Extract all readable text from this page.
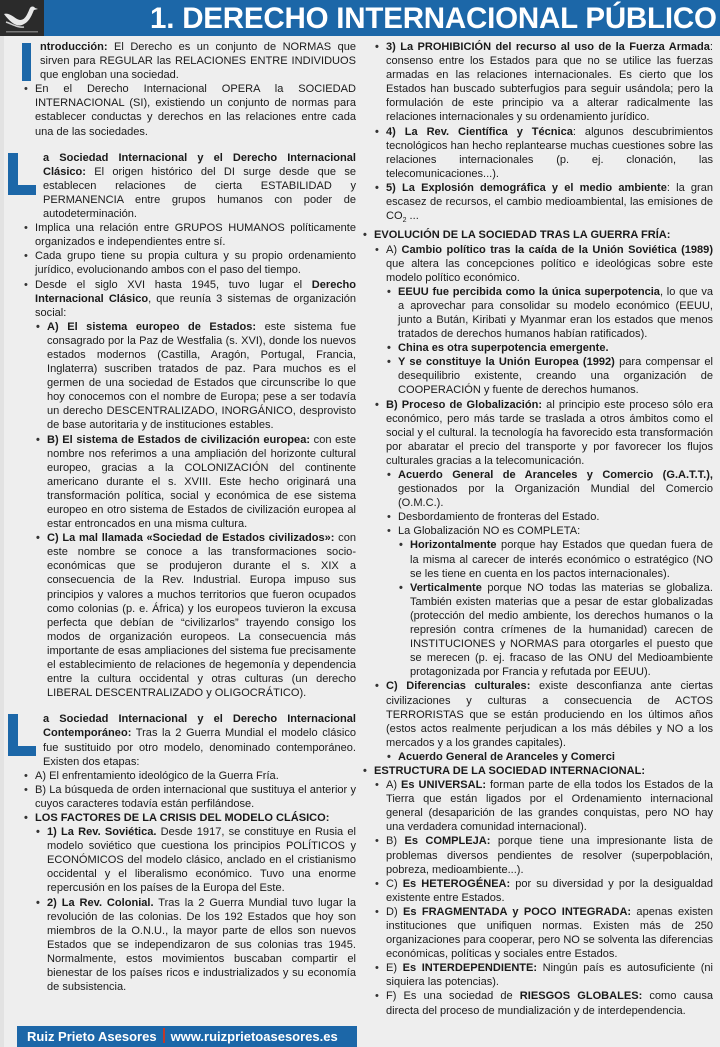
1. DERECHO INTERNACIONAL PÚBLICO

ntroducción: El Derecho es un conjunto de NORMAS que sirven para REGULAR las RELACIONES ENTRE INDIVIDUOS que engloban una sociedad.

• En el Derecho Internacional OPERA la SOCIEDAD INTERNACIONAL (SI), existiendo un conjunto de normas para establecer conductas y derechos en las relaciones entre cada una de las sociedades.

a Sociedad Internacional y el Derecho Internacional Clásico: El origen histórico del DI surge desde que se establecen relaciones de cierta ESTABILIDAD y PERMANENCIA entre grupos humanos con poder de autodeterminación.

• Implica una relación entre GRUPOS HUMANOS políticamente organizados e independientes entre sí.
• Cada grupo tiene su propia cultura y su propio ordenamiento jurídico, evolucionando ambos con el paso del tiempo.
• Desde el siglo XVI hasta 1945, tuvo lugar el Derecho Internacional Clásico, que reunía 3 sistemas de organización social:
• A) El sistema europeo de Estados: este sistema fue consagrado por la Paz de Westfalia (s. XVI), donde los nuevos estados modernos (Castilla, Aragón, Portugal, Francia, Inglaterra) suscriben tratados de paz. Para muchos es el germen de una sociedad de Estados que circunscribe lo que hoy conocemos con el nombre de Europa; pese a ser todavía un derecho DESCENTRALIZADO, INORGÁNICO, desprovisto de base autoritaria y de instituciones estables.
• B) El sistema de Estados de civilización europea: con este nombre nos referimos a una ampliación del horizonte cultural europeo, gracias a la COLONIZACIÓN del continente americano durante el s. XVIII. Este hecho originará una transformación política, social y económica de ese sistema europeo en otro sistema de Estados de civilización europea al estar entroncados en una misma cultura.
• C) La mal llamada «Sociedad de Estados civilizados»: con este nombre se conoce a las transformaciones socio-económicas que se produjeron durante el s. XIX a consecuencia de la Rev. Industrial. Europa impuso sus principios y valores a muchos territorios que fueron ocupados como colonias (p. e. África) y los europeos tuvieron la excusa perfecta que debían de “civilizarlos” trayendo consigo los modos de organización europeos. La consecuencia más importante de esas ampliaciones del sistema fue precisamente el establecimiento de relaciones de hegemonía y dependencia entre la cultura occidental y otras culturas (un derecho LIBERAL DESCENTRALIZADO y OLIGOCRÁTICO).

a Sociedad Internacional y el Derecho Internacional Contemporáneo: Tras la 2 Guerra Mundial el modelo clásico fue sustituido por otro modelo, denominado contemporáneo. Existen dos etapas:

• A) El enfrentamiento ideológico de la Guerra Fría.
• B) La búsqueda de orden internacional que sustituya el anterior y cuyos caracteres todavía están perfilándose.
• LOS FACTORES DE LA CRISIS DEL MODELO CLÁSICO:
• 1) La Rev. Soviética. Desde 1917, se constituye en Rusia el modelo soviético que cuestiona los principios POLÍTICOS y ECONÓMICOS del modelo clásico, anclado en el cristianismo occidental y el liberalismo económico. Tuvo una enorme repercusión en los países de la Europa del Este.
• 2) La Rev. Colonial. Tras la 2 Guerra Mundial tuvo lugar la revolución de las colonias. De los 192 Estados que hoy son miembros de la O.N.U., la mayor parte de ellos son nuevos Estados que se independizaron de sus colonias tras 1945. Normalmente, estos movimientos buscaban compartir el bienestar de los países ricos e industrializados y su economía de subsistencia.
• 3) La PROHIBICIÓN del recurso al uso de la Fuerza Armada: consenso entre los Estados para que no se utilice las fuerzas armadas en las relaciones internacionales. Es cierto que los Estados han buscado subterfugios para seguir usándola; pero la formulación de este principio va a alterar radicalmente las relaciones internacionales y su ordenamiento jurídico.
• 4) La Rev. Científica y Técnica: algunos descubrimientos tecnológicos han hecho replantearse muchas cuestiones sobre las relaciones internacionales (p. ej. clonación, las telecomunicaciones...).
• 5) La Explosión demográfica y el medio ambiente: la gran escasez de recursos, el cambio medioambiental, las emisiones de $CO_2$ ...
• EVOLUCIÓN DE LA SOCIEDAD TRAS LA GUERRA FRÍA:
• A) Cambio político tras la caída de la Unión Soviética (1989) que altera las concepciones político e ideológicas sobre este modelo político económico.
• EEUU fue percibida como la única superpotencia, lo que va a aprovechar para consolidar su modelo económico (EEUU, junto a Bután, Kiribati y Myanmar eran los estados que menos tratados de derechos humanos habían ratificados).
• China es otra superpotencia emergente.
• Y se constituye la Unión Europea (1992) para compensar el desequilibrio existente, creando una organización de COOPERACIÓN y fuente de derechos humanos.
• B) Proceso de Globalización: al principio este proceso sólo era económico, pero más tarde se traslada a otros ámbitos como el social y el cultural. la tecnología ha favorecido esta transformación por abaratar el precio del transporte y por favorecer los flujos culturales gracias a la telecomunicación.
• Acuerdo General de Aranceles y Comercio (G.A.T.T.), gestionados por la Organización Mundial del Comercio (O.M.C.).
• Desbordamiento de fronteras del Estado.
• La Globalización NO es COMPLETA:
• Horizontalmente porque hay Estados que quedan fuera de la misma al carecer de interés económico o estratégico (NO se les tiene en cuenta en los pactos internacionales).
• Verticalmente porque NO todas las materias se globaliza. También existen materias que a pesar de estar globalizadas (protección del medio ambiente, los derechos humanos o la represión contra crímenes de la humanidad) carecen de INSTITUCIONES y NORMAS para otorgarles el puesto que se merecen (p. ej. fracaso de las ONU del Medioambiente protagonizada por Francia y refutada por EEUU).
• C) Diferencias culturales: existe desconfianza ante ciertas civilizaciones y culturas a consecuencia de ACTOS TERRORISTAS que se están produciendo en los últimos años (estos actos realmente perjudican a los más débiles y NO a los mercados y a los grandes capitales).
• Acuerdo General de Aranceles y Comerci
• ESTRUCTURA DE LA SOCIEDAD INTERNACIONAL:
• A) Es UNIVERSAL: forman parte de ella todos los Estados de la Tierra que están ligados por el Ordenamiento internacional general (desaparición de las grandes conquistas, pero NO hay una verdadera comunidad internacional).
• B) Es COMPLEJA: porque tiene una impresionante lista de problemas diversos pendientes de resolver (superpoblación, pobreza, medioambiente...).
• C) Es HETEROGÉNEA: por su diversidad y por la desigualdad existente entre Estados.
• D) Es FRAGMENTADA y POCO INTEGRADA: apenas existen instituciones que unifiquen normas. Existen más de 250 organizaciones para cooperar, pero NO se solventa las diferencias económicas, políticas y sociales entre Estados.
• E) Es INTERDEPENDIENTE: Ningún país es autosuficiente (ni siquiera las potencias).
• F) Es una sociedad de RIESGOS GLOBALES: como causa directa del proceso de mundialización y de interdependencia.
Ruiz Prieto Asesores www.ruizprietoasesores.es
